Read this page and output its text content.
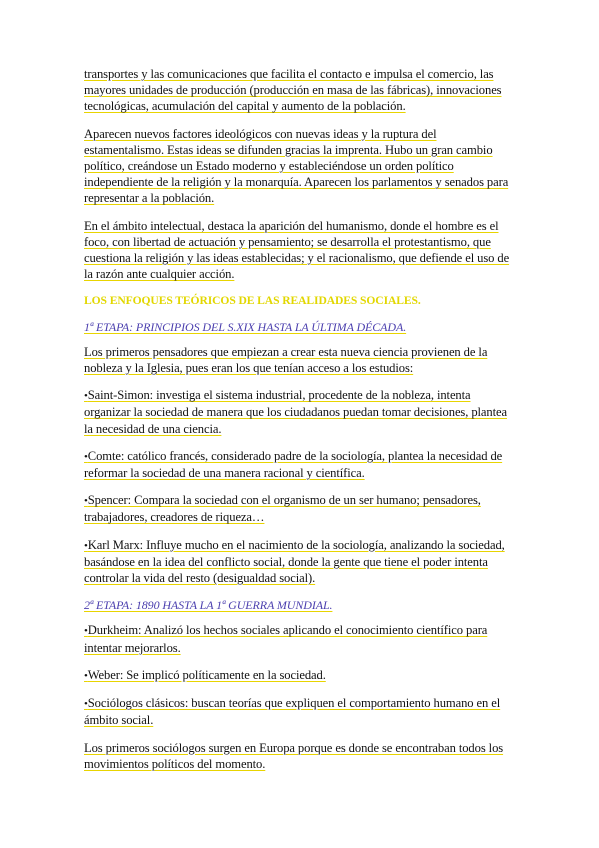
transportes y las comunicaciones que facilita el contacto e impulsa el comercio, las mayores unidades de producción (producción en masa de las fábricas), innovaciones tecnológicas, acumulación del capital y aumento de la población.

Aparecen nuevos factores ideológicos con nuevas ideas y la ruptura del estamentalismo. Estas ideas se difunden gracias la imprenta. Hubo un gran cambio político, creándose un Estado moderno y estableciéndose un orden político independiente de la religión y la monarquía. Aparecen los parlamentos y senados para representar a la población.

En el ámbito intelectual, destaca la aparición del humanismo, donde el hombre es el foco, con libertad de actuación y pensamiento; se desarrolla el protestantismo, que cuestiona la religión y las ideas establecidas; y el racionalismo, que defiende el uso de la razón ante cualquier acción.

LOS ENFOQUES TEÓRICOS DE LAS REALIDADES SOCIALES.

1ª ETAPA: PRINCIPIOS DEL S.XIX HASTA LA ÚLTIMA DÉCADA.

Los primeros pensadores que empiezan a crear esta nueva ciencia provienen de la nobleza y la Iglesia, pues eran los que tenían acceso a los estudios:

•Saint-Simon: investiga el sistema industrial, procedente de la nobleza, intenta organizar la sociedad de manera que los ciudadanos puedan tomar decisiones, plantea la necesidad de una ciencia.

•Comte: católico francés, considerado padre de la sociología, plantea la necesidad de reformar la sociedad de una manera racional y científica.

•Spencer: Compara la sociedad con el organismo de un ser humano; pensadores, trabajadores, creadores de riqueza…

•Karl Marx: Influye mucho en el nacimiento de la sociología, analizando la sociedad, basándose en la idea del conflicto social, donde la gente que tiene el poder intenta controlar la vida del resto (desigualdad social).

2ª ETAPA: 1890 HASTA LA 1ª GUERRA MUNDIAL.

•Durkheim: Analizó los hechos sociales aplicando el conocimiento científico para intentar mejorarlos.

•Weber: Se implicó políticamente en la sociedad.

•Sociólogos clásicos: buscan teorías que expliquen el comportamiento humano en el ámbito social.

Los primeros sociólogos surgen en Europa porque es donde se encontraban todos los movimientos políticos del momento.
